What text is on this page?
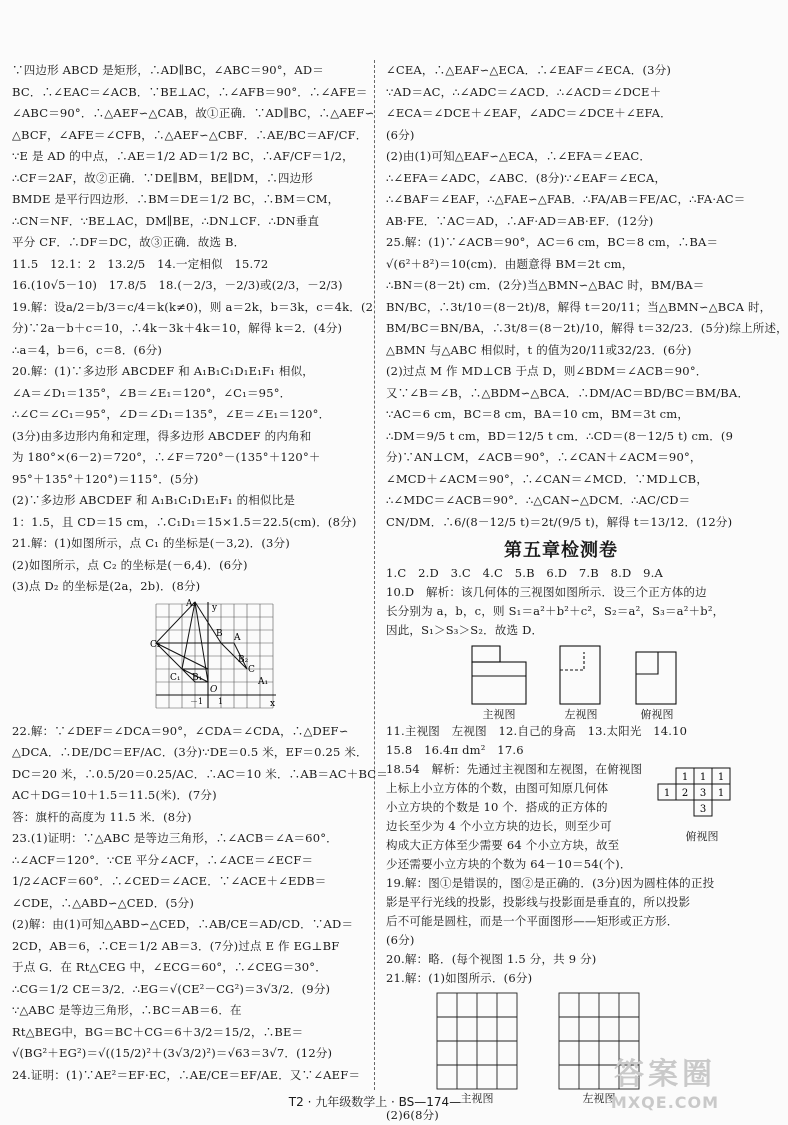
∵四边形 ABCD 是矩形，∴AD∥BC，∠ABC＝90°，AD＝
BC．∴∠EAC＝∠ACB．∵BE⊥AC，∴∠AFB＝90°．∴∠AFE＝
∠ABC＝90°．∴△AEF∽△CAB，故①正确．∵AD∥BC，∴△AEF∽
△BCF，∠AFE＝∠CFB，∴△AEF∽△CBF．∴AE/BC＝AF/CF．
∵E 是 AD 的中点，∴AE＝1/2 AD＝1/2 BC，∴AF/CF＝1/2，
∴CF＝2AF，故②正确．∵DE∥BM，BE∥DM，∴四边形
BMDE 是平行四边形．∴BM＝DE＝1/2 BC，∴BM＝CM，
∴CN＝NF．∵BE⊥AC，DM∥BE，∴DN⊥CF．∴DN垂直
平分 CF．∴DF＝DC，故③正确．故选 B．
11.5　12.1：2　13.2/5　14.一定相似　15.72
16.(10√5－10)　17.8/5　18.(－2/3，－2/3)或(2/3，－2/3)
19.解：设a/2＝b/3＝c/4＝k(k≠0)，则 a＝2k，b＝3k，c＝4k．(2
分)∵2a－b＋c＝10，∴4k－3k＋4k＝10，解得 k＝2．(4分)
∴a＝4，b＝6，c＝8．(6分)
20.解：(1)∵多边形 ABCDEF 和 A₁B₁C₁D₁E₁F₁ 相似，
∠A＝∠D₁＝135°，∠B＝∠E₁＝120°，∠C₁＝95°．
∴∠C＝∠C₁＝95°，∠D＝∠D₁＝135°，∠E＝∠E₁＝120°．
(3分)由多边形内角和定理，得多边形 ABCDEF 的内角和
为 180°×(6－2)＝720°，∴∠F＝720°－(135°＋120°＋
95°＋135°＋120°)＝115°．(5分)
(2)∵多边形 ABCDEF 和 A₁B₁C₁D₁E₁F₁ 的相似比是
1：1.5，且 CD＝15 cm，∴C₁D₁＝15×1.5＝22.5(cm)．(8分)
21.解：(1)如图所示，点 C₁ 的坐标是(－3,2)．(3分)
(2)如图所示，点 C₂ 的坐标是(－6,4)．(6分)
(3)点 D₂ 的坐标是(2a，2b)．(8分)
y
x
O
A₂
B A
C
C₂
C₁ B₁	A₁
B₂
－1 1
22.解：∵∠DEF＝∠DCA＝90°，∠CDA＝∠CDA，∴△DEF∽
△DCA．∴DE/DC＝EF/AC．(3分)∵DE＝0.5 米，EF＝0.25 米．
DC＝20 米，∴0.5/20＝0.25/AC．∴AC＝10 米．∴AB＝AC＋BC＝
AC＋DG＝10＋1.5＝11.5(米)．(7分)
答：旗杆的高度为 11.5 米．(8分)
23.(1)证明：∵△ABC 是等边三角形，∴∠ACB＝∠A＝60°．
∴∠ACF＝120°．∵CE 平分∠ACF，∴∠ACE＝∠ECF＝
1/2∠ACF＝60°．∴∠CED＝∠ACE．∵∠ACE＋∠EDB＝
∠CDE，∴△ABD∽△CED．(5分)
(2)解：由(1)可知△ABD∽△CED，∴AB/CE＝AD/CD．∵AD＝
2CD，AB＝6，∴CE＝1/2 AB＝3．(7分)过点 E 作 EG⊥BF
于点 G．在 Rt△CEG 中，∠ECG＝60°，∴∠CEG＝30°．
∴CG＝1/2 CE＝3/2．∴EG＝√(CE²－CG²)＝3√3/2．(9分)
∵△ABC 是等边三角形，∴BC＝AB＝6．在
Rt△BEG中，BG＝BC＋CG＝6＋3/2＝15/2，∴BE＝
√(BG²＋EG²)＝√((15/2)²＋(3√3/2)²)＝√63＝3√7．(12分)
24.证明：(1)∵AE²＝EF·EC，∴AE/CE＝EF/AE．又∵∠AEF＝
∠CEA，∴△EAF∽△ECA．∴∠EAF＝∠ECA．(3分)
∵AD＝AC，∴∠ADC＝∠ACD．∴∠ACD＝∠DCE＋
∠ECA＝∠DCE＋∠EAF，∠ADC＝∠DCE＋∠EFA．
(6分)
(2)由(1)可知△EAF∽△ECA，∴∠EFA＝∠EAC．
∴∠EFA＝∠ADC，∠ABC．(8分)∵∠EAF＝∠ECA，
∴∠BAF＝∠EAF，∴△FAE∽△FAB．∴FA/AB＝FE/AC，∴FA·AC＝
AB·FE．∵AC＝AD，∴AF·AD＝AB·EF．(12分)
25.解：(1)∵∠ACB＝90°，AC＝6 cm，BC＝8 cm，∴BA＝
√(6²＋8²)＝10(cm)．由题意得 BM＝2t cm，
∴BN＝(8－2t) cm．(2分)当△BMN∽△BAC 时，BM/BA＝
BN/BC，∴3t/10＝(8－2t)/8，解得 t＝20/11；当△BMN∽△BCA 时，
BM/BC＝BN/BA，∴3t/8＝(8－2t)/10，解得 t＝32/23．(5分)综上所述，
△BMN 与△ABC 相似时，t 的值为20/11或32/23．(6分)
(2)过点 M 作 MD⊥CB 于点 D，则∠BDM＝∠ACB＝90°．
又∵∠B＝∠B，∴△BDM∽△BCA．∴DM/AC＝BD/BC＝BM/BA．
∵AC＝6 cm，BC＝8 cm，BA＝10 cm，BM＝3t cm，
∴DM＝9/5 t cm，BD＝12/5 t cm．∴CD＝(8－12/5 t) cm．(9
分)∵AN⊥CM，∠ACB＝90°，∴∠CAN＋∠ACM＝90°，
∠MCD＋∠ACM＝90°，∴∠CAN＝∠MCD．∵MD⊥CB，
∴∠MDC＝∠ACB＝90°．∴△CAN∽△DCM．∴AC/CD＝
CN/DM．∴6/(8－12/5 t)＝2t/(9/5 t)，解得 t＝13/12．(12分)
第五章检测卷
1.C　2.D　3.C　4.C　5.B　6.D　7.B　8.D　9.A
10.D　解析：该几何体的三视图如图所示．设三个正方体的边
长分别为 a，b，c，则 S₁＝a²＋b²＋c²，S₂＝a²，S₃＝a²＋b²，
因此，S₁＞S₃＞S₂．故选 D．
主视图	左视图	俯视图
11.主视图　左视图　12.自己的身高　13.太阳光　14.10
15.8　16.4π dm²　17.6
18.54　解析：先通过主视图和左视图，在俯视图
上标上小立方体的个数，由图可知原几何体
小立方块的个数是 10 个．搭成的正方体的
边长至少为 4 个小立方块的边长，则至少可
构成大正方体至少需要 64 个小立方块，故至
少还需要小立方块的个数为 64－10＝54(个)．
1 1 1
1 2 3 1
3
俯视图
19.解：图①是错误的，图②是正确的．(3分)因为圆柱体的正投
影是平行光线的投影，投影线与投影面是垂直的，所以投影
后不可能是圆柱，而是一个平面图形——矩形或正方形．
(6分)
20.解：略．(每个视图 1.5 分，共 9 分)
21.解：(1)如图所示．(6分)
主视图	左视图
(2)6(8分)
T2 · 九年级数学上 · BS—174—
答案圈
MXQE.COM
